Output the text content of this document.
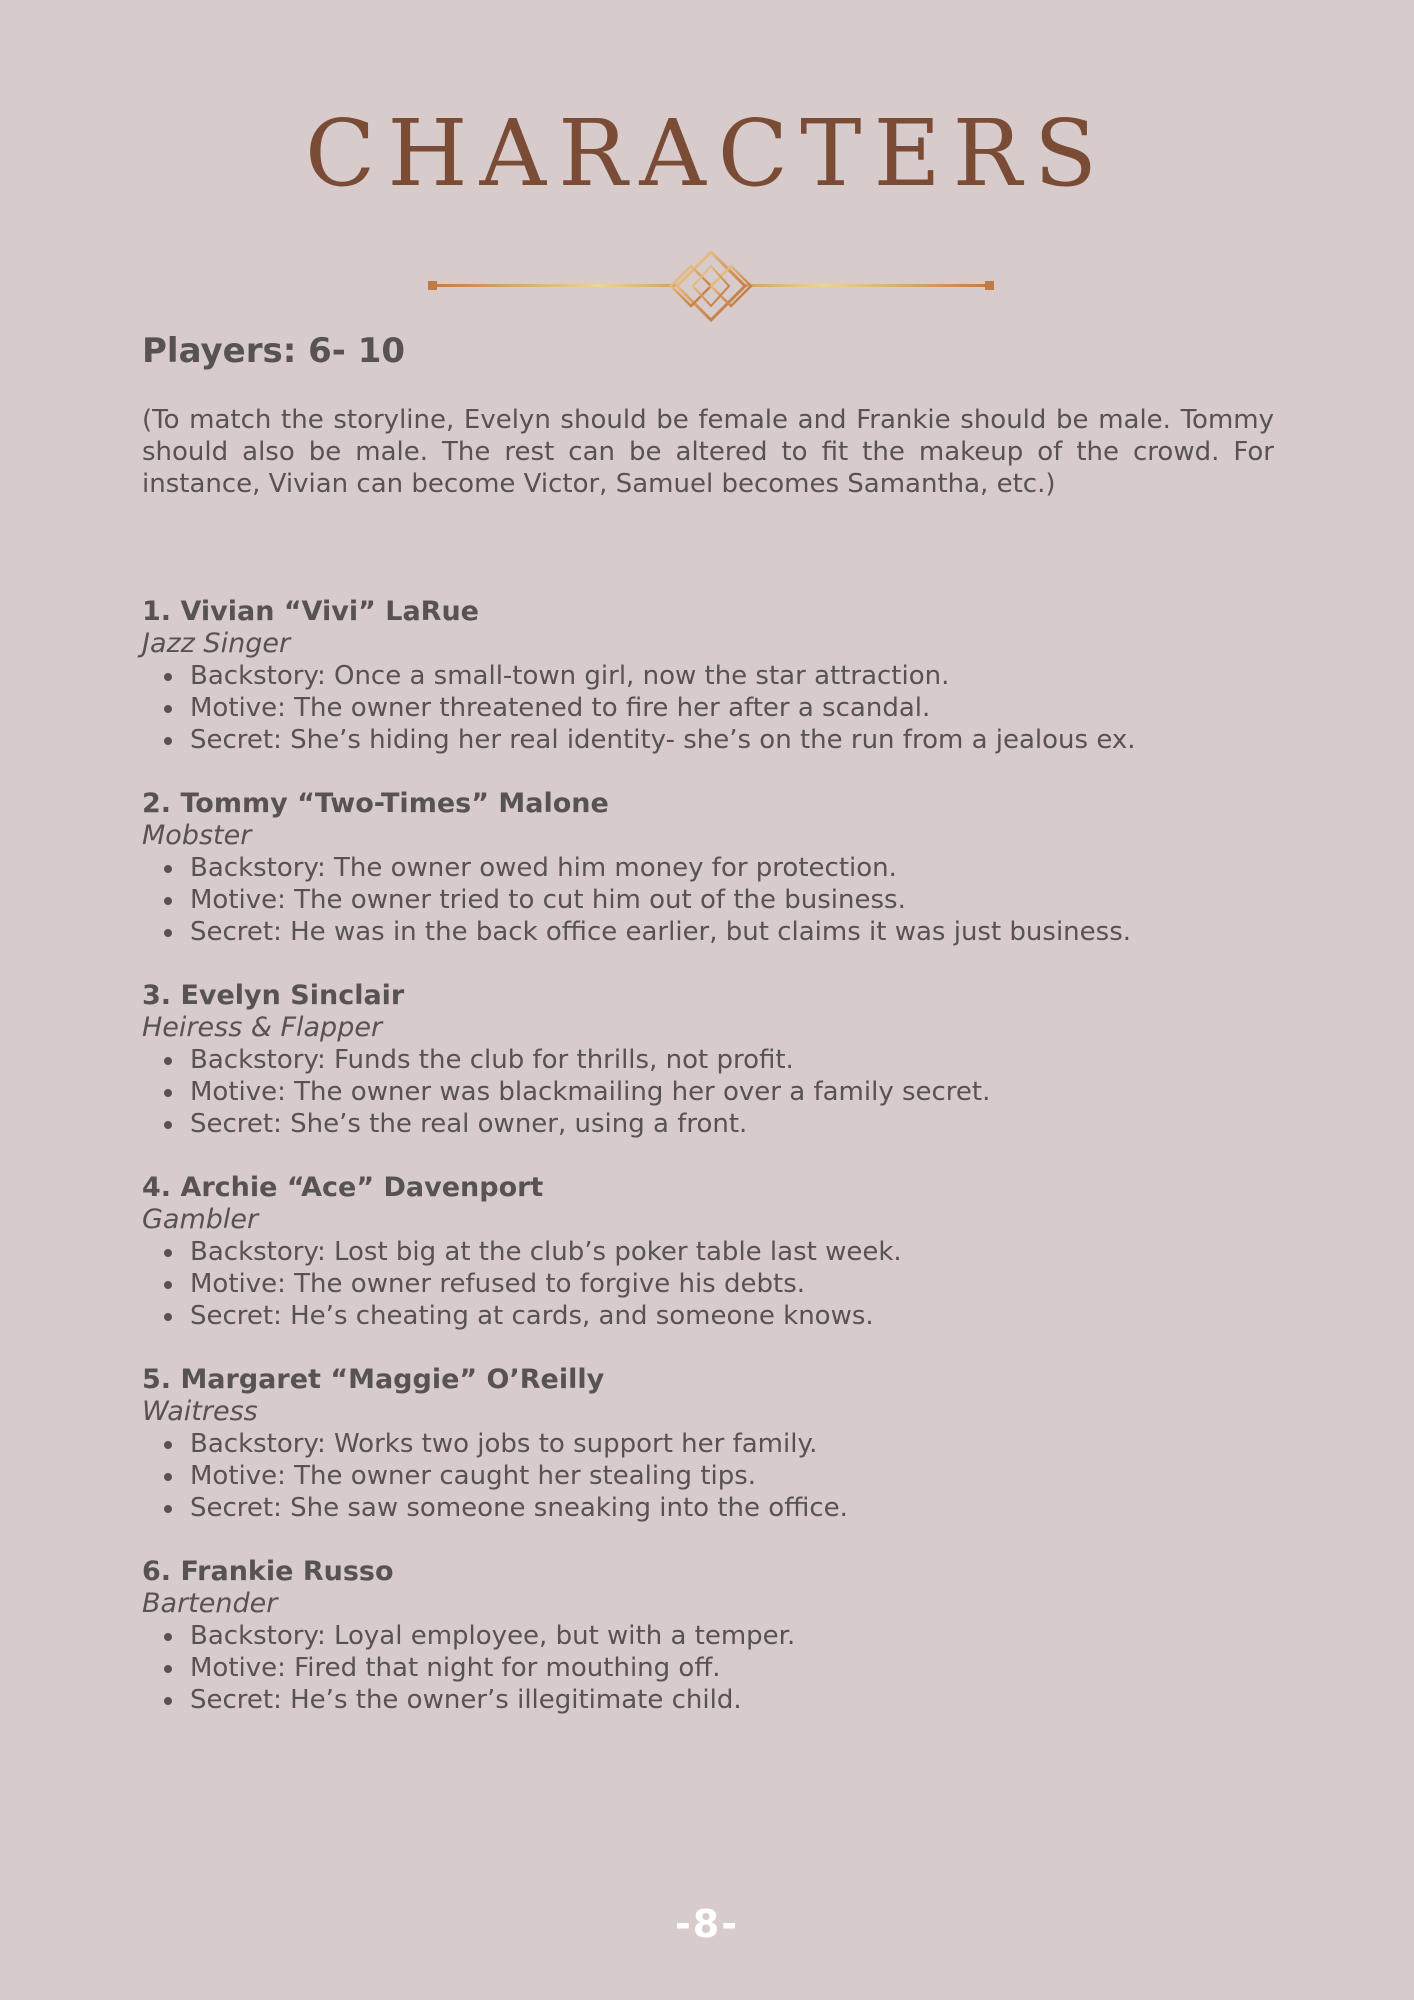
CHARACTERS
Players: 6- 10

(To match the storyline, Evelyn should be female and Frankie should be male. Tommy should also be male. The rest can be altered to fit the makeup of the crowd. For instance, Vivian can become Victor, Samuel becomes Samantha, etc.)

1. Vivian “Vivi” LaRue

Jazz Singer

Backstory: Once a small-town girl, now the star attraction.
Motive: The owner threatened to fire her after a scandal.
Secret: She’s hiding her real identity- she’s on the run from a jealous ex.

2. Tommy “Two-Times” Malone

Mobster

Backstory: The owner owed him money for protection.
Motive: The owner tried to cut him out of the business.
Secret: He was in the back office earlier, but claims it was just business.

3. Evelyn Sinclair

Heiress & Flapper

Backstory: Funds the club for thrills, not profit.
Motive: The owner was blackmailing her over a family secret.
Secret: She’s the real owner, using a front.

4. Archie “Ace” Davenport

Gambler

Backstory: Lost big at the club’s poker table last week.
Motive: The owner refused to forgive his debts.
Secret: He’s cheating at cards, and someone knows.

5. Margaret “Maggie” O’Reilly

Waitress

Backstory: Works two jobs to support her family.
Motive: The owner caught her stealing tips.
Secret: She saw someone sneaking into the office.

6. Frankie Russo

Bartender

Backstory: Loyal employee, but with a temper.
Motive: Fired that night for mouthing off.
Secret: He’s the owner’s illegitimate child.
-8-
